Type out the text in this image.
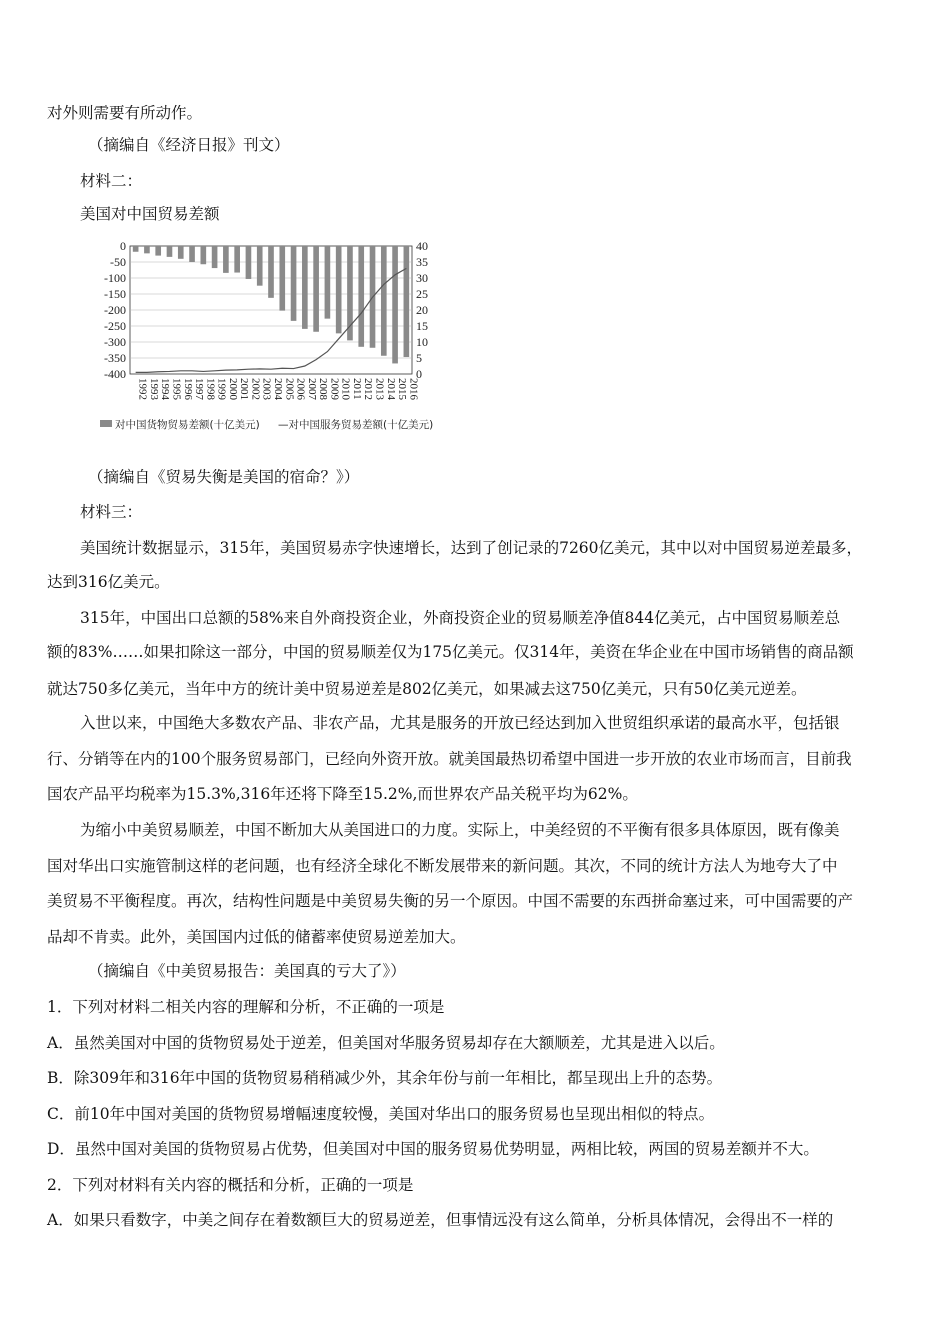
对外则需要有所动作。
（摘编自《经济日报》刊文）
材料二：
美国对中国贸易差额
（摘编自《贸易失衡是美国的宿命？》）
材料三：
美国统计数据显示，315年，美国贸易赤字快速增长，达到了创记录的7260亿美元，其中以对中国贸易逆差最多，
达到316亿美元。
315年，中国出口总额的58%来自外商投资企业，外商投资企业的贸易顺差净值844亿美元，占中国贸易顺差总
额的83%……如果扣除这一部分，中国的贸易顺差仅为175亿美元。仅314年，美资在华企业在中国市场销售的商品额
就达750多亿美元，当年中方的统计美中贸易逆差是802亿美元，如果减去这750亿美元，只有50亿美元逆差。
入世以来，中国绝大多数农产品、非农产品，尤其是服务的开放已经达到加入世贸组织承诺的最高水平，包括银
行、分销等在内的100个服务贸易部门，已经向外资开放。就美国最热切希望中国进一步开放的农业市场而言，目前我
国农产品平均税率为15.3%,316年还将下降至15.2%,而世界农产品关税平均为62%。
为缩小中美贸易顺差，中国不断加大从美国进口的力度。实际上，中美经贸的不平衡有很多具体原因，既有像美
国对华出口实施管制这样的老问题，也有经济全球化不断发展带来的新问题。其次，不同的统计方法人为地夸大了中
美贸易不平衡程度。再次，结构性问题是中美贸易失衡的另一个原因。中国不需要的东西拼命塞过来，可中国需要的产
品却不肯卖。此外，美国国内过低的储蓄率使贸易逆差加大。
（摘编自《中美贸易报告：美国真的亏大了》）
1．下列对材料二相关内容的理解和分析，不正确的一项是
A．虽然美国对中国的货物贸易处于逆差，但美国对华服务贸易却存在大额顺差，尤其是进入以后。
B．除309年和316年中国的货物贸易稍稍减少外，其余年份与前一年相比，都呈现出上升的态势。
C．前10年中国对美国的货物贸易增幅速度较慢，美国对华出口的服务贸易也呈现出相似的特点。
D．虽然中国对美国的货物贸易占优势，但美国对中国的服务贸易优势明显，两相比较，两国的贸易差额并不大。
2．下列对材料有关内容的概括和分析，正确的一项是
A．如果只看数字，中美之间存在着数额巨大的贸易逆差，但事情远没有这么简单，分析具体情况，会得出不一样的
0
-50
-100
-150
-200
-250
-300
-350
-400
40
35
30
25
20
15
10
5
0
1992 1993 1994 1995 1996 1997 1998 1999 2000 2001 2002 2003 2004 2005 2006 2007 2008 2009 2010 2011 2012 2013 2014 2015 2016
对中国货物贸易差额(十亿美元) —对中国服务贸易差额(十亿美元)
